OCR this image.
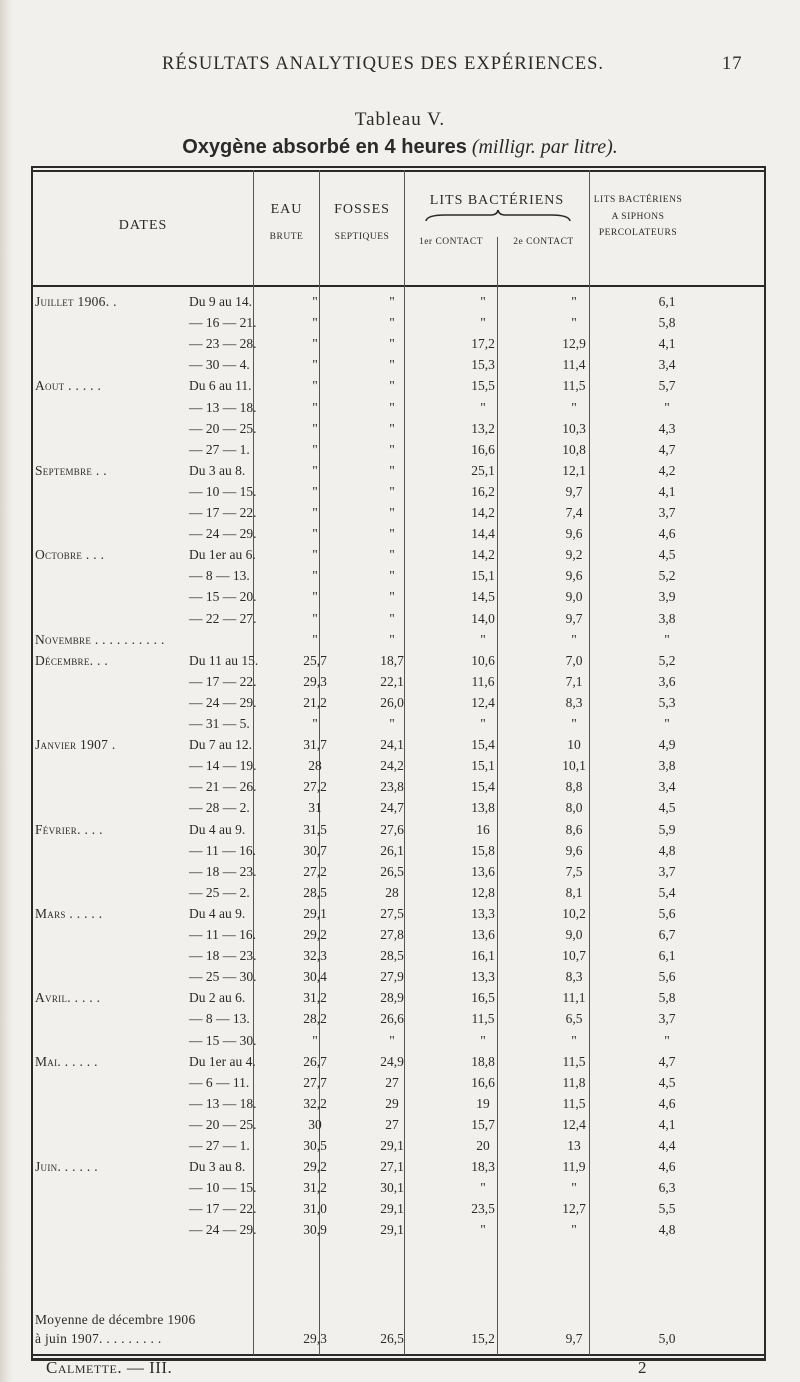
RÉSULTATS ANALYTIQUES DES EXPÉRIENCES.	17
Tableau V.
Oxygène absorbé en 4 heures (milligr. par litre).
DATES
EAU
BRUTE
FOSSES
SEPTIQUES
LITS BACTÉRIENS
1er CONTACT	2e CONTACT
LITS BACTÉRIENS A SIPHONS PERCOLATEURS
Juillet 1906. .	Du 9 au 14.	"	"	"	"	6,1
— 16 — 21.	"	"	"	"	5,8
— 23 — 28.	"	"	17,2	12,9	4,1
— 30 — 4.	"	"	15,3	11,4	3,4
Aout . . . . .	Du 6 au 11.	"	"	15,5	11,5	5,7
— 13 — 18.	"	"	"	"	"
— 20 — 25.	"	"	13,2	10,3	4,3
— 27 — 1.	"	"	16,6	10,8	4,7
Septembre . .	Du 3 au 8.	"	"	25,1	12,1	4,2
— 10 — 15.	"	"	16,2	9,7	4,1
— 17 — 22.	"	"	14,2	7,4	3,7
— 24 — 29.	"	"	14,4	9,6	4,6
Octobre . . .	Du 1er au 6.	"	"	14,2	9,2	4,5
— 8 — 13.	"	"	15,1	9,6	5,2
— 15 — 20.	"	"	14,5	9,0	3,9
— 22 — 27.	"	"	14,0	9,7	3,8
Novembre . . . . . . . . . .	"	"	"	"	"
Décembre. . .	Du 11 au 15.	25,7	18,7	10,6	7,0	5,2
— 17 — 22.	29,3	22,1	11,6	7,1	3,6
— 24 — 29.	21,2	26,0	12,4	8,3	5,3
— 31 — 5.	"	"	"	"	"
Janvier 1907 .	Du 7 au 12.	31,7	24,1	15,4	10	4,9
— 14 — 19.	28	24,2	15,1	10,1	3,8
— 21 — 26.	27,2	23,8	15,4	8,8	3,4
— 28 — 2.	31	24,7	13,8	8,0	4,5
Février. . . .	Du 4 au 9.	31,5	27,6	16	8,6	5,9
— 11 — 16.	30,7	26,1	15,8	9,6	4,8
— 18 — 23.	27,2	26,5	13,6	7,5	3,7
— 25 — 2.	28,5	28	12,8	8,1	5,4
Mars . . . . .	Du 4 au 9.	29,1	27,5	13,3	10,2	5,6
— 11 — 16.	29,2	27,8	13,6	9,0	6,7
— 18 — 23.	32,3	28,5	16,1	10,7	6,1
— 25 — 30.	30,4	27,9	13,3	8,3	5,6
Avril. . . . .	Du 2 au 6.	31,2	28,9	16,5	11,1	5,8
— 8 — 13.	28,2	26,6	11,5	6,5	3,7
— 15 — 30.	"	"	"	"	"
Mai. . . . . .	Du 1er au 4.	26,7	24,9	18,8	11,5	4,7
— 6 — 11.	27,7	27	16,6	11,8	4,5
— 13 — 18.	32,2	29	19	11,5	4,6
— 20 — 25.	30	27	15,7	12,4	4,1
— 27 — 1.	30,5	29,1	20	13	4,4
Juin. . . . . .	Du 3 au 8.	29,2	27,1	18,3	11,9	4,6
— 10 — 15.	31,2	30,1	"	"	6,3
— 17 — 22.	31,0	29,1	23,5	12,7	5,5
— 24 — 29.	30,9	29,1	"	"	4,8
Moyenne de décembre 1906
à juin 1907. . . . . . . . .	29,3	26,5	15,2	9,7	5,0
Calmette. — III.	2
